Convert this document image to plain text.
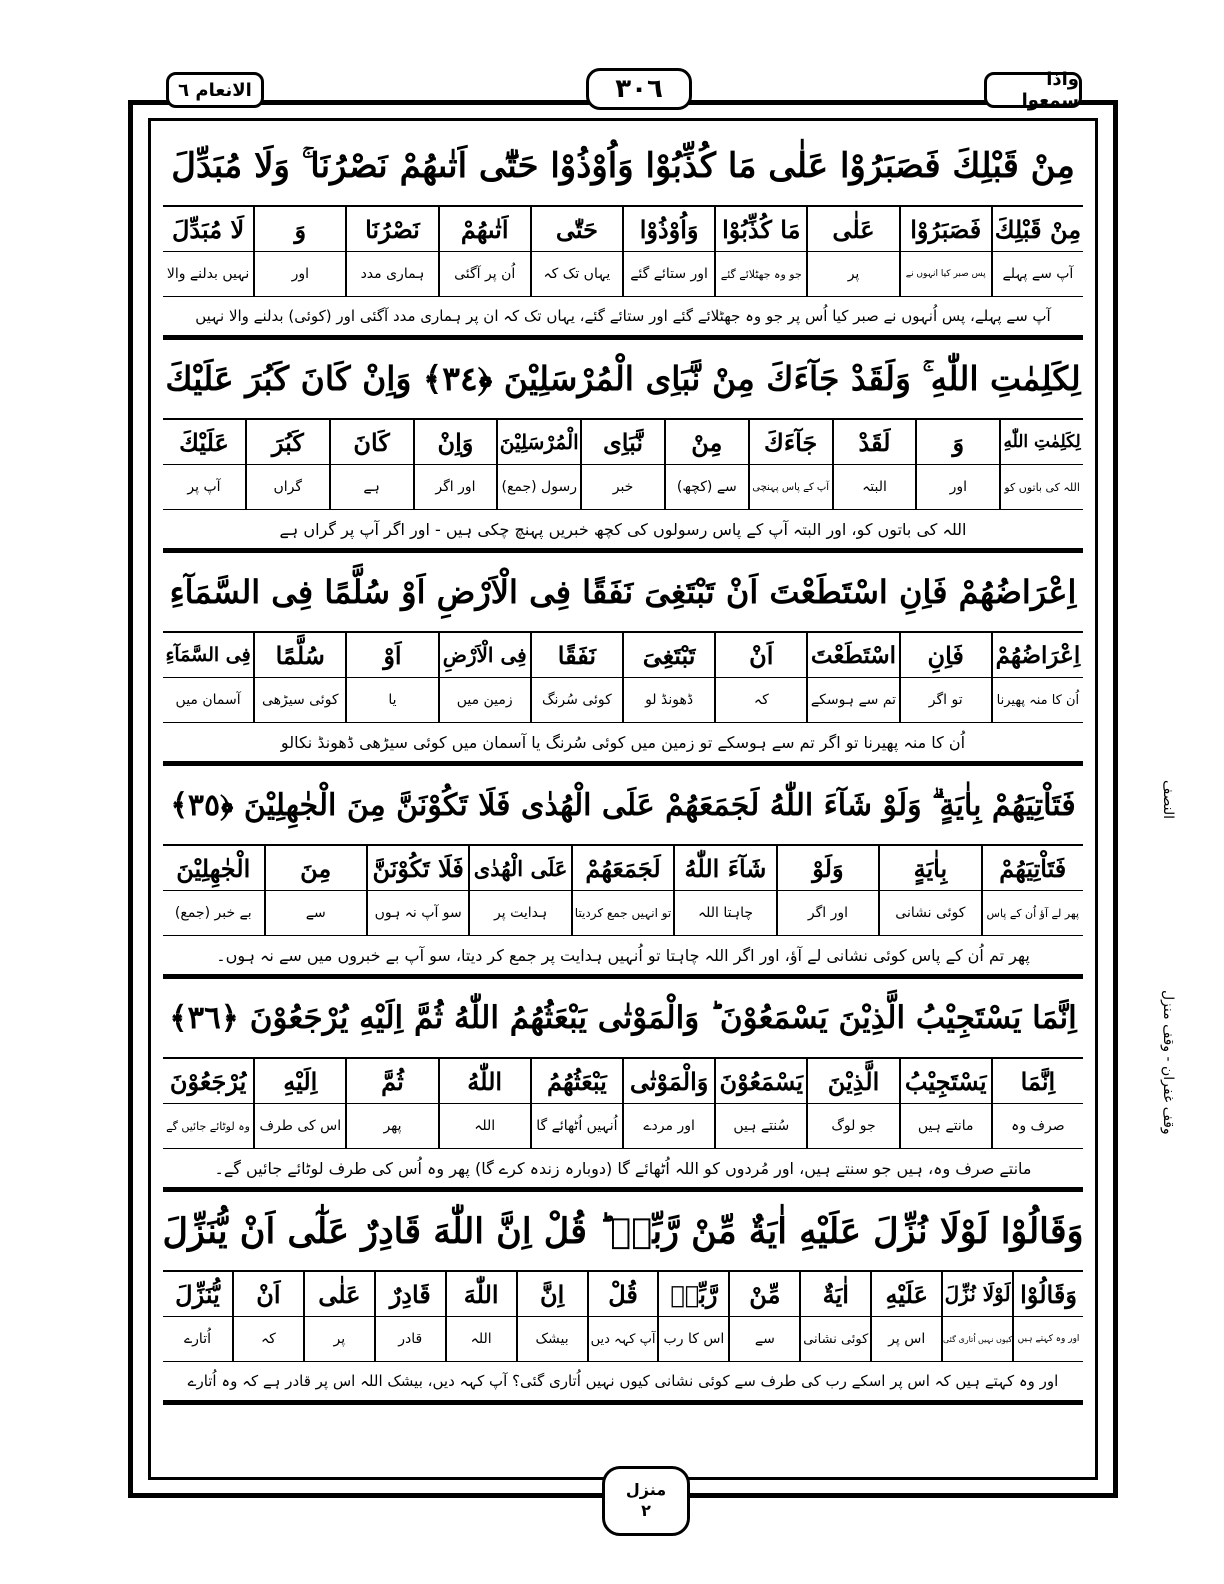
الانعام ٦	٣٠٦	واذا سمعوا
النصف
وقف غفران - وقف منزل
مِنْ قَبْلِكَ فَصَبَرُوْا عَلٰى مَا كُذِّبُوْا وَاُوْذُوْا حَتّٰٓى اَتٰىهُمْ نَصْرُنَا ۚ وَلَا مُبَدِّلَ
مِنْ قَبْلِكَ
فَصَبَرُوْا
عَلٰى
مَا كُذِّبُوْا
وَاُوْذُوْا
حَتّٰى
اَتٰىهُمْ
نَصْرُنَا
وَ
لَا مُبَدِّلَ
آپ سے پہلے
پس صبر کیا انہوں نے
پر
جو وہ جھٹلائے گئے
اور ستائے گئے
یہاں تک کہ
اُن پر آگئی
ہماری مدد
اور
نہیں بدلنے والا
آپ سے پہلے، پس اُنہوں نے صبر کیا اُس پر جو وہ جھٹلائے گئے اور ستائے گئے، یہاں تک کہ ان پر ہماری مدد آگئی اور (کوئی) بدلنے والا نہیں
لِكَلِمٰتِ اللّٰهِ ۚ وَلَقَدْ جَآءَكَ مِنْ نَّبَاِى الْمُرْسَلِيْنَ ﴿٣٤﴾ وَاِنْ كَانَ كَبُرَ عَلَيْكَ
لِكَلِمٰتِ اللّٰهِ
وَ
لَقَدْ
جَآءَكَ
مِنْ
نَّبَاِى
الْمُرْسَلِيْنَ
وَاِنْ
كَانَ
كَبُرَ
عَلَيْكَ
اللہ کی باتوں کو
اور
البتہ
آپ کے پاس پہنچی
سے (کچھ)
خبر
رسول (جمع)
اور اگر
ہے
گراں
آپ پر
اللہ کی باتوں کو، اور البتہ آپ کے پاس رسولوں کی کچھ خبریں پہنچ چکی ہیں - اور اگر آپ پر گراں ہے
اِعْرَاضُهُمْ فَاِنِ اسْتَطَعْتَ اَنْ تَبْتَغِىَ نَفَقًا فِى الْاَرْضِ اَوْ سُلَّمًا فِى السَّمَآءِ
اِعْرَاضُهُمْ
فَاِنِ
اسْتَطَعْتَ
اَنْ
تَبْتَغِىَ
نَفَقًا
فِى الْاَرْضِ
اَوْ
سُلَّمًا
فِى السَّمَآءِ
اُن کا منہ پھیرنا
تو اگر
تم سے ہوسکے
کہ
ڈھونڈ لو
کوئی سُرنگ
زمین میں
یا
کوئی سیڑھی
آسمان میں
اُن کا منہ پھیرنا تو اگر تم سے ہوسکے تو زمین میں کوئی سُرنگ یا آسمان میں کوئی سیڑھی ڈھونڈ نکالو
فَتَاْتِيَهُمْ بِاٰيَةٍ ۗ وَلَوْ شَآءَ اللّٰهُ لَجَمَعَهُمْ عَلَى الْهُدٰى فَلَا تَكُوْنَنَّ مِنَ الْجٰهِلِيْنَ ﴿٣٥﴾
فَتَاْتِيَهُمْ
بِاٰيَةٍ
وَلَوْ
شَآءَ اللّٰهُ
لَجَمَعَهُمْ
عَلَى الْهُدٰى
فَلَا تَكُوْنَنَّ
مِنَ
الْجٰهِلِيْنَ
پھر لے آؤ اُن کے پاس
کوئی نشانی
اور اگر
چاہتا اللہ
تو انہیں جمع کردیتا
ہدایت پر
سو آپ نہ ہوں
سے
بے خبر (جمع)
پھر تم اُن کے پاس کوئی نشانی لے آؤ، اور اگر اللہ چاہتا تو اُنہیں ہدایت پر جمع کر دیتا، سو آپ بے خبروں میں سے نہ ہوں۔
اِنَّمَا يَسْتَجِيْبُ الَّذِيْنَ يَسْمَعُوْنَ ؕ وَالْمَوْتٰى يَبْعَثُهُمُ اللّٰهُ ثُمَّ اِلَيْهِ يُرْجَعُوْنَ ﴿٣٦﴾
اِنَّمَا
يَسْتَجِيْبُ
الَّذِيْنَ
يَسْمَعُوْنَ
وَالْمَوْتٰى
يَبْعَثُهُمُ
اللّٰهُ
ثُمَّ
اِلَيْهِ
يُرْجَعُوْنَ
صرف وہ
مانتے ہیں
جو لوگ
سُنتے ہیں
اور مردے
اُنہیں اُٹھائے گا
اللہ
پھر
اس کی طرف
وہ لوٹائے جائیں گے
مانتے صرف وہ، ہیں جو سنتے ہیں، اور مُردوں کو اللہ اُٹھائے گا (دوبارہ زندہ کرے گا) پھر وہ اُس کی طرف لوٹائے جائیں گے۔
وَقَالُوْا لَوْلَا نُزِّلَ عَلَيْهِ اٰيَةٌ مِّنْ رَّبِّهٖ ؕ قُلْ اِنَّ اللّٰهَ قَادِرٌ عَلٰٓى اَنْ يُّنَزِّلَ
وَقَالُوْا
لَوْلَا نُزِّلَ
عَلَيْهِ
اٰيَةٌ
مِّنْ
رَّبِّهٖ
قُلْ
اِنَّ
اللّٰهَ
قَادِرٌ
عَلٰى
اَنْ
يُّنَزِّلَ
اور وہ کہتے ہیں
کیوں نہیں اُتاری گئی
اس پر
کوئی نشانی
سے
اس کا رب
آپ کہہ دیں
بیشک
اللہ
قادر
پر
کہ
اُتارے
اور وہ کہتے ہیں کہ اس پر اسکے رب کی طرف سے کوئی نشانی کیوں نہیں اُتاری گئی؟ آپ کہہ دیں، بیشک اللہ اس پر قادر ہے کہ وہ اُتارے
منزل
٢
